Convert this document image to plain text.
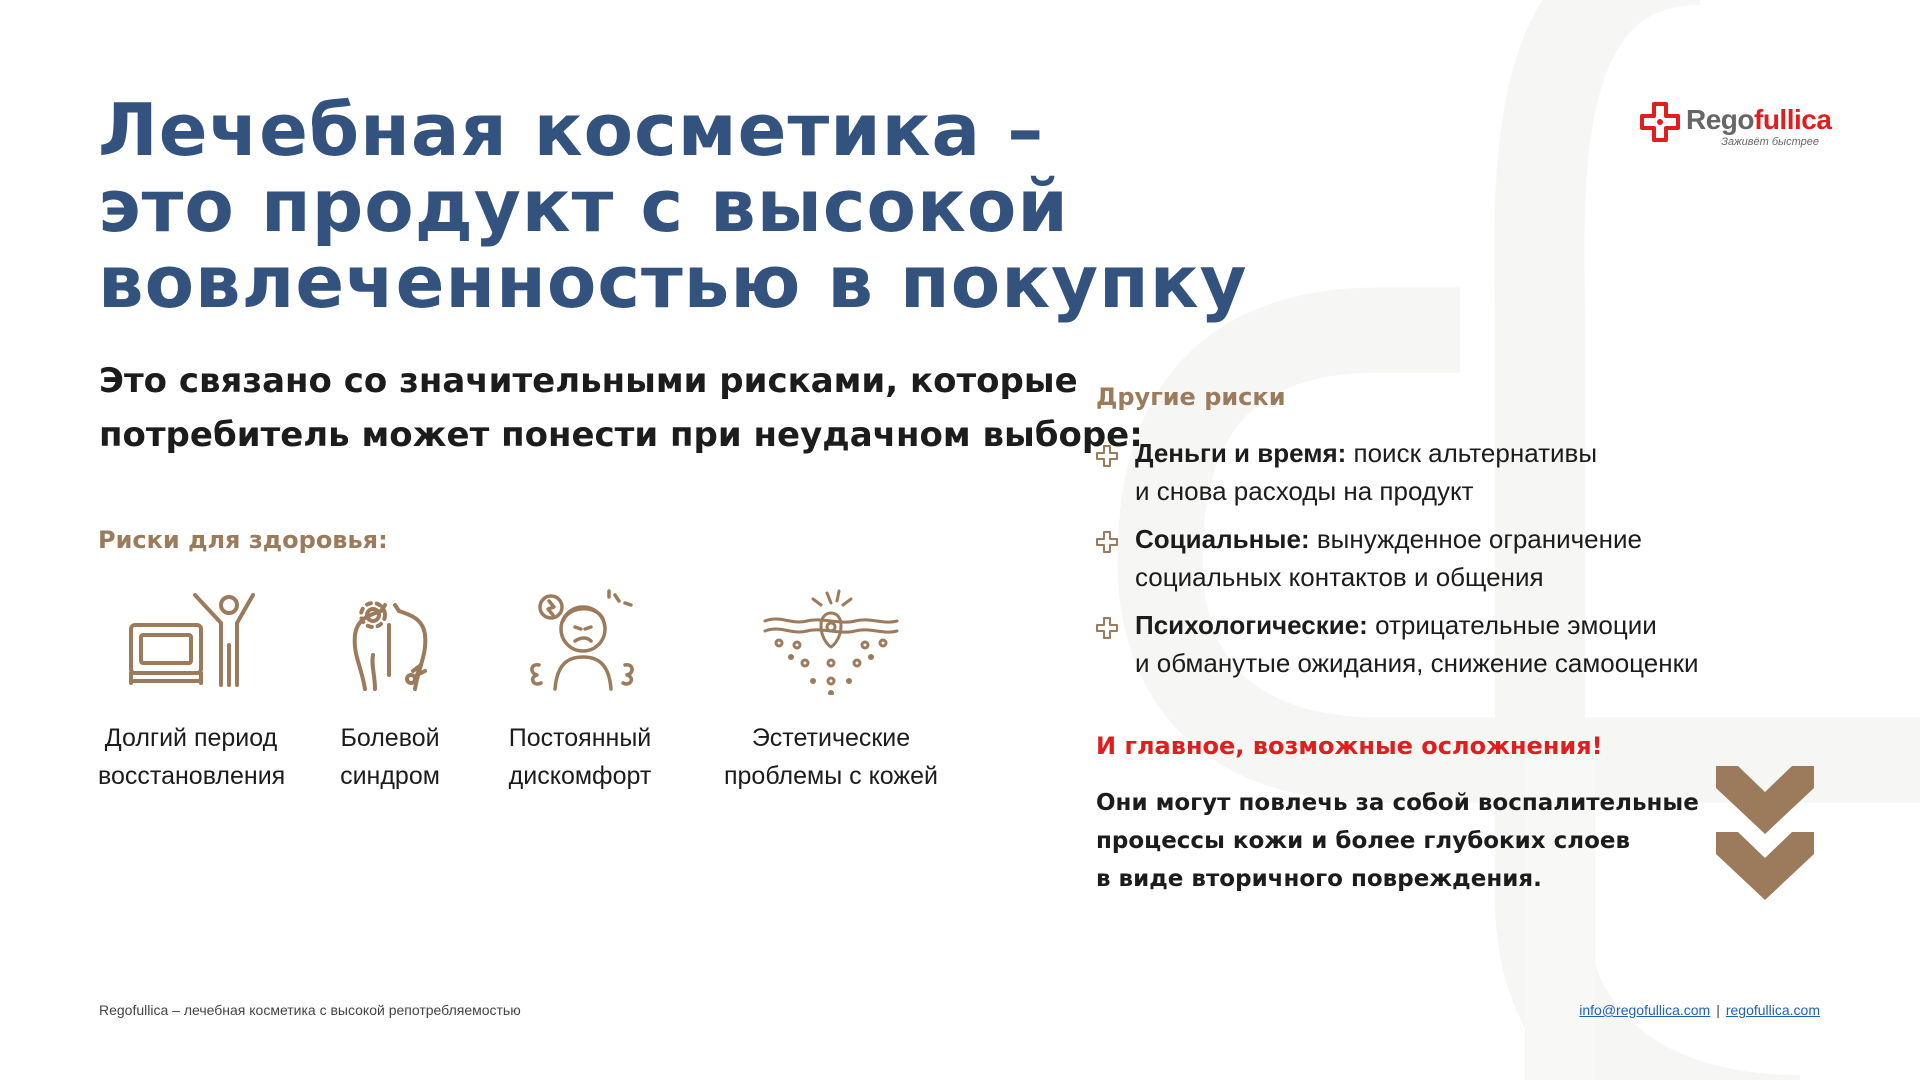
Лечебная косметика –
это продукт с высокой
вовлеченностью в покупку
Regofullica
Заживёт быстрее
Это связано со значительными рисками, которые
потребитель может понести при неудачном выборе:

Риски для здоровья:

Долгий период
восстановления
Болевой
синдром
Постоянный
дискомфорт
Эстетические
проблемы с кожей

Другие риски

Деньги и время: поиск альтернативы
и снова расходы на продукт

Социальные: вынужденное ограничение
социальных контактов и общения

Психологические: отрицательные эмоции
и обманутые ожидания, снижение самооценки

И главное, возможные осложнения!

Они могут повлечь за собой воспалительные
процессы кожи и более глубоких слоев
в виде вторичного повреждения.

Regofullica – лечебная косметика с высокой репотребляемостью	info@regofullica.com | regofullica.com
